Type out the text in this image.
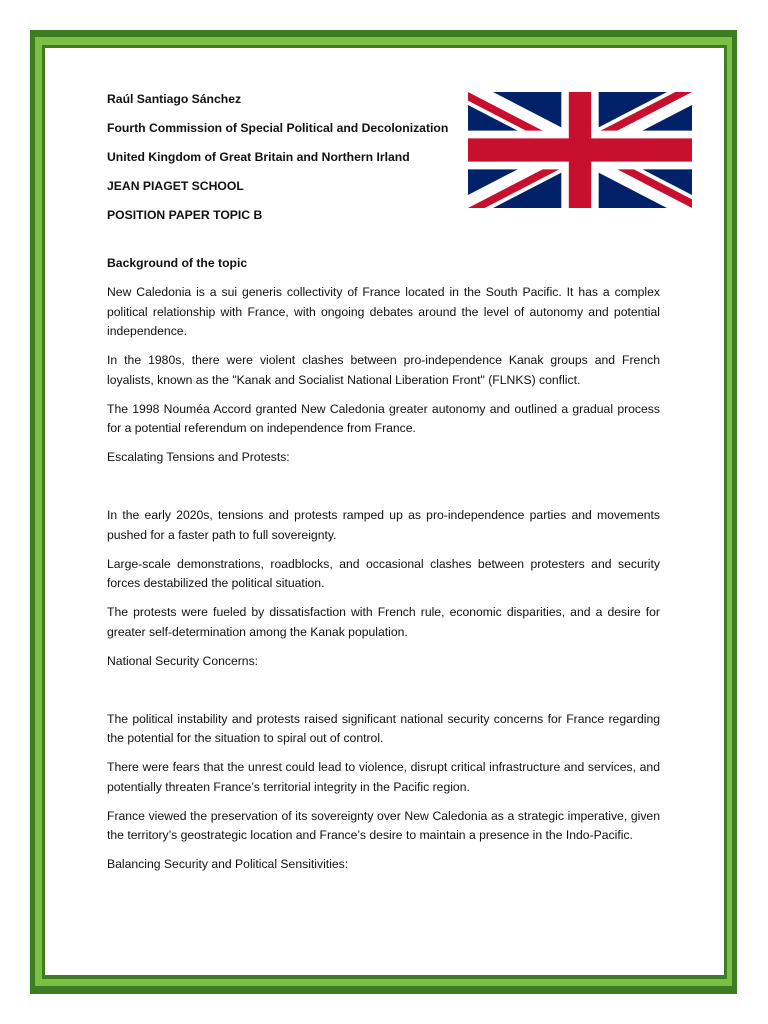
Raúl Santiago Sánchez
Fourth Commission of Special Political and Decolonization
United Kingdom of Great Britain and Northern Irland
JEAN PIAGET SCHOOL
POSITION PAPER TOPIC B
Background of the topic

New Caledonia is a sui generis collectivity of France located in the South Pacific. It has a complex political relationship with France, with ongoing debates around the level of autonomy and potential independence.

In the 1980s, there were violent clashes between pro-independence Kanak groups and French loyalists, known as the "Kanak and Socialist National Liberation Front" (FLNKS) conflict.

The 1998 Nouméa Accord granted New Caledonia greater autonomy and outlined a gradual process for a potential referendum on independence from France.

Escalating Tensions and Protests:

In the early 2020s, tensions and protests ramped up as pro-independence parties and movements pushed for a faster path to full sovereignty.

Large-scale demonstrations, roadblocks, and occasional clashes between protesters and security forces destabilized the political situation.

The protests were fueled by dissatisfaction with French rule, economic disparities, and a desire for greater self-determination among the Kanak population.

National Security Concerns:

The political instability and protests raised significant national security concerns for France regarding the potential for the situation to spiral out of control.

There were fears that the unrest could lead to violence, disrupt critical infrastructure and services, and potentially threaten France’s territorial integrity in the Pacific region.

France viewed the preservation of its sovereignty over New Caledonia as a strategic imperative, given the territory’s geostrategic location and France’s desire to maintain a presence in the Indo-Pacific.

Balancing Security and Political Sensitivities:
